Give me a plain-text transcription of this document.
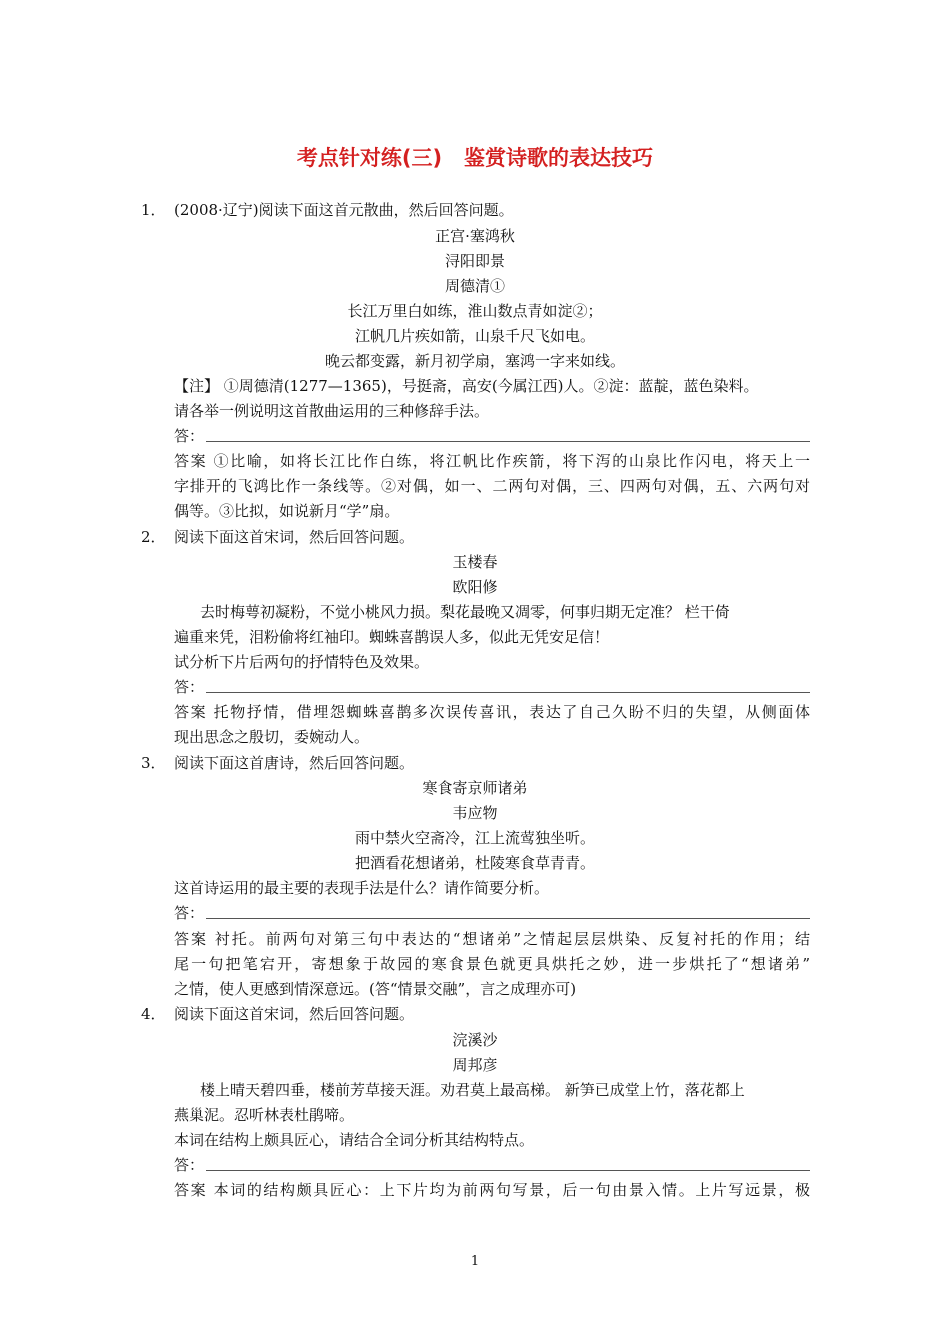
考点针对练(三)   鉴赏诗歌的表达技巧
1． (2008·辽宁)阅读下面这首元散曲，然后回答问题。
正宫·塞鸿秋
浔阳即景
周德清①
长江万里白如练，淮山数点青如淀②；
江帆几片疾如箭，山泉千尺飞如电。
晚云都变露，新月初学扇，塞鸿一字来如线。
【注】 ①周德清(1277—1365)，号挺斋，高安(今属江西)人。②淀：蓝靛，蓝色染料。
请各举一例说明这首散曲运用的三种修辞手法。
答：
答案 ①比喻，如将长江比作白练，将江帆比作疾箭，将下泻的山泉比作闪电，将天上一
字排开的飞鸿比作一条线等。②对偶，如一、二两句对偶，三、四两句对偶，五、六两句对
偶等。③比拟，如说新月“学”扇。
2． 阅读下面这首宋词，然后回答问题。
玉楼春
欧阳修
去时梅萼初凝粉，不觉小桃风力损。梨花最晚又凋零，何事归期无定准？ 栏干倚
遍重来凭，泪粉偷将红袖印。蜘蛛喜鹊误人多，似此无凭安足信！
试分析下片后两句的抒情特色及效果。
答：
答案 托物抒情，借埋怨蜘蛛喜鹊多次误传喜讯，表达了自己久盼不归的失望，从侧面体
现出思念之殷切，委婉动人。
3． 阅读下面这首唐诗，然后回答问题。
寒食寄京师诸弟
韦应物
雨中禁火空斋冷，江上流莺独坐听。
把酒看花想诸弟，杜陵寒食草青青。
这首诗运用的最主要的表现手法是什么？请作简要分析。
答：
答案 衬托。前两句对第三句中表达的“想诸弟”之情起层层烘染、反复衬托的作用；结
尾一句把笔宕开，寄想象于故园的寒食景色就更具烘托之妙，进一步烘托了“想诸弟”
之情，使人更感到情深意远。(答“情景交融”，言之成理亦可)
4． 阅读下面这首宋词，然后回答问题。
浣溪沙
周邦彦
楼上晴天碧四垂，楼前芳草接天涯。劝君莫上最高梯。 新笋已成堂上竹，落花都上
燕巢泥。忍听林表杜鹃啼。
本词在结构上颇具匠心，请结合全词分析其结构特点。
答：
答案 本词的结构颇具匠心：上下片均为前两句写景，后一句由景入情。上片写远景，极
1
